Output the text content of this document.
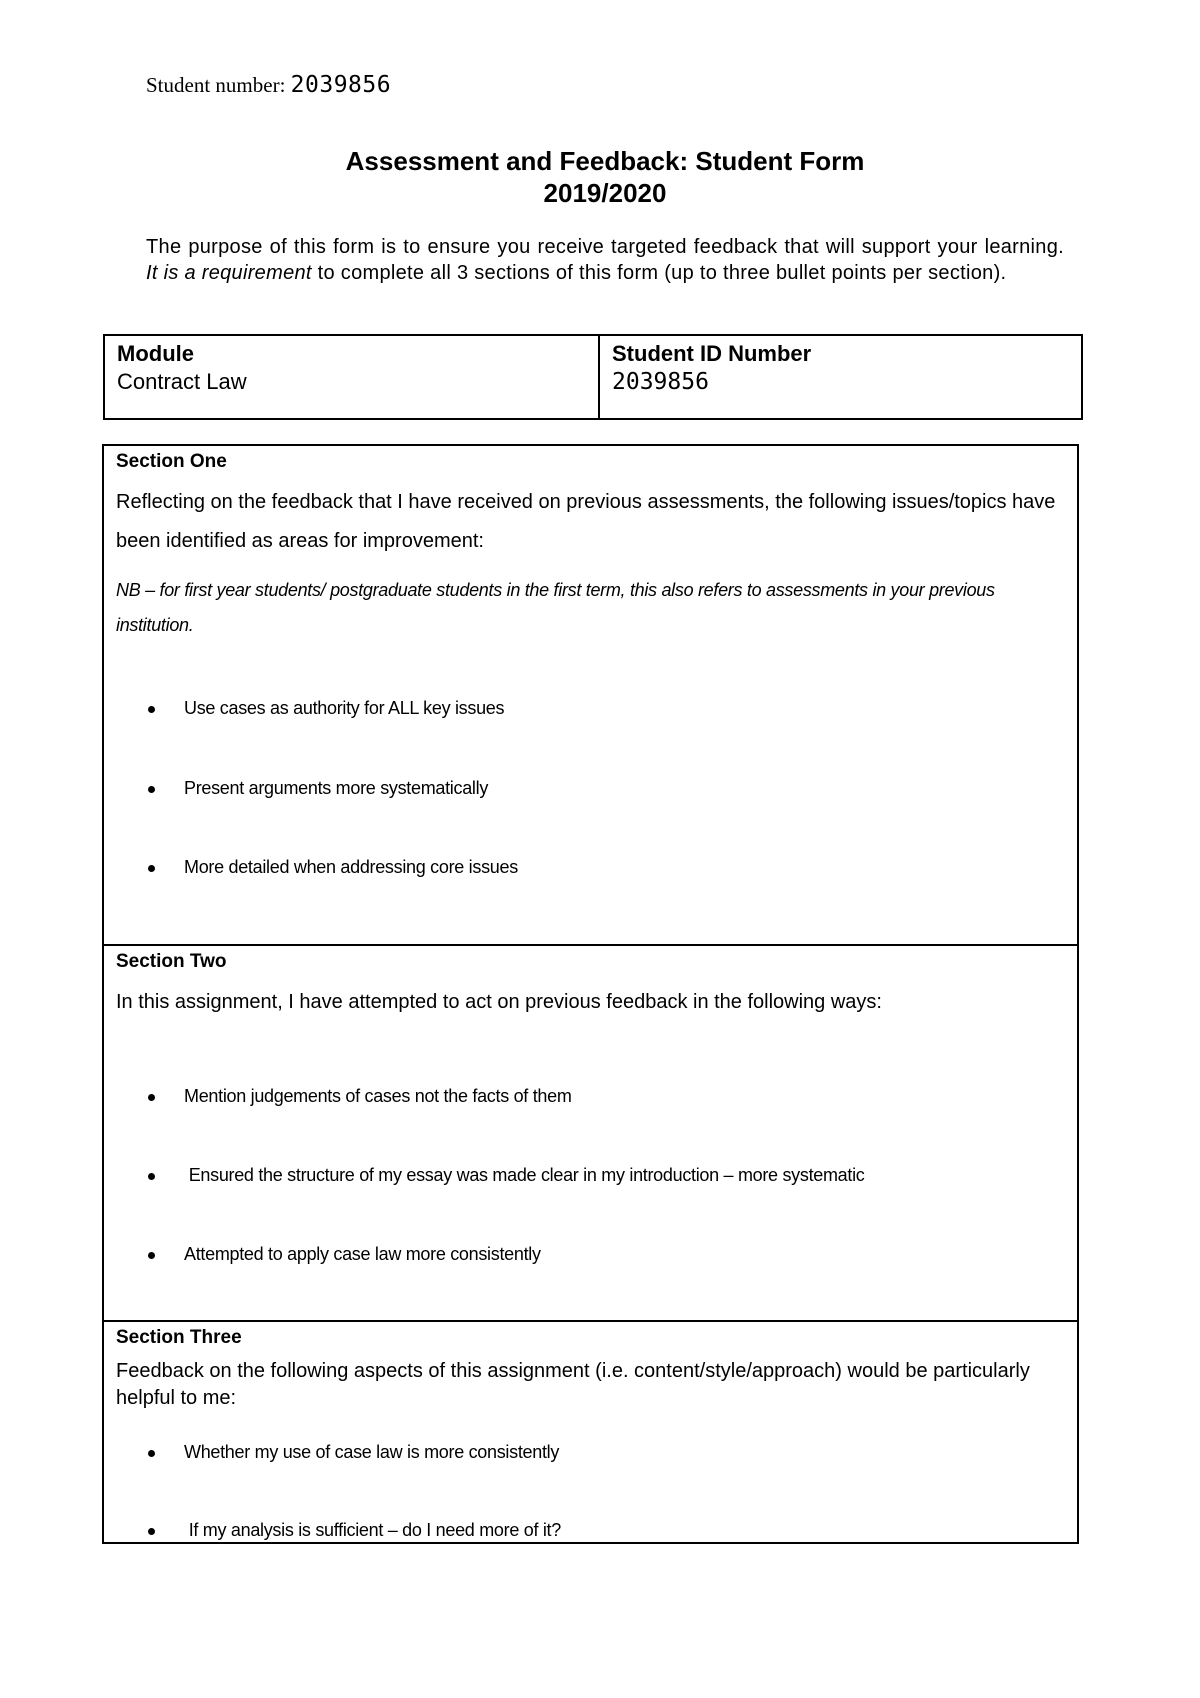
Student number: 2039856
Assessment and Feedback: Student Form
2019/2020
The purpose of this form is to ensure you receive targeted feedback that will support your learning. It is a requirement to complete all 3 sections of this form (up to three bullet points per section).
Module
Contract Law
Student ID Number
2039856
Section One
Reflecting on the feedback that I have received on previous assessments, the following issues/topics have been identified as areas for improvement:
NB – for first year students/ postgraduate students in the first term, this also refers to assessments in your previous institution.
Use cases as authority for ALL key issues
Present arguments more systematically
More detailed when addressing core issues
Section Two
In this assignment, I have attempted to act on previous feedback in the following ways:
Mention judgements of cases not the facts of them
Ensured the structure of my essay was made clear in my introduction – more systematic
Attempted to apply case law more consistently
Section Three
Feedback on the following aspects of this assignment (i.e. content/style/approach) would be particularly helpful to me:
Whether my use of case law is more consistently
If my analysis is sufficient – do I need more of it?
